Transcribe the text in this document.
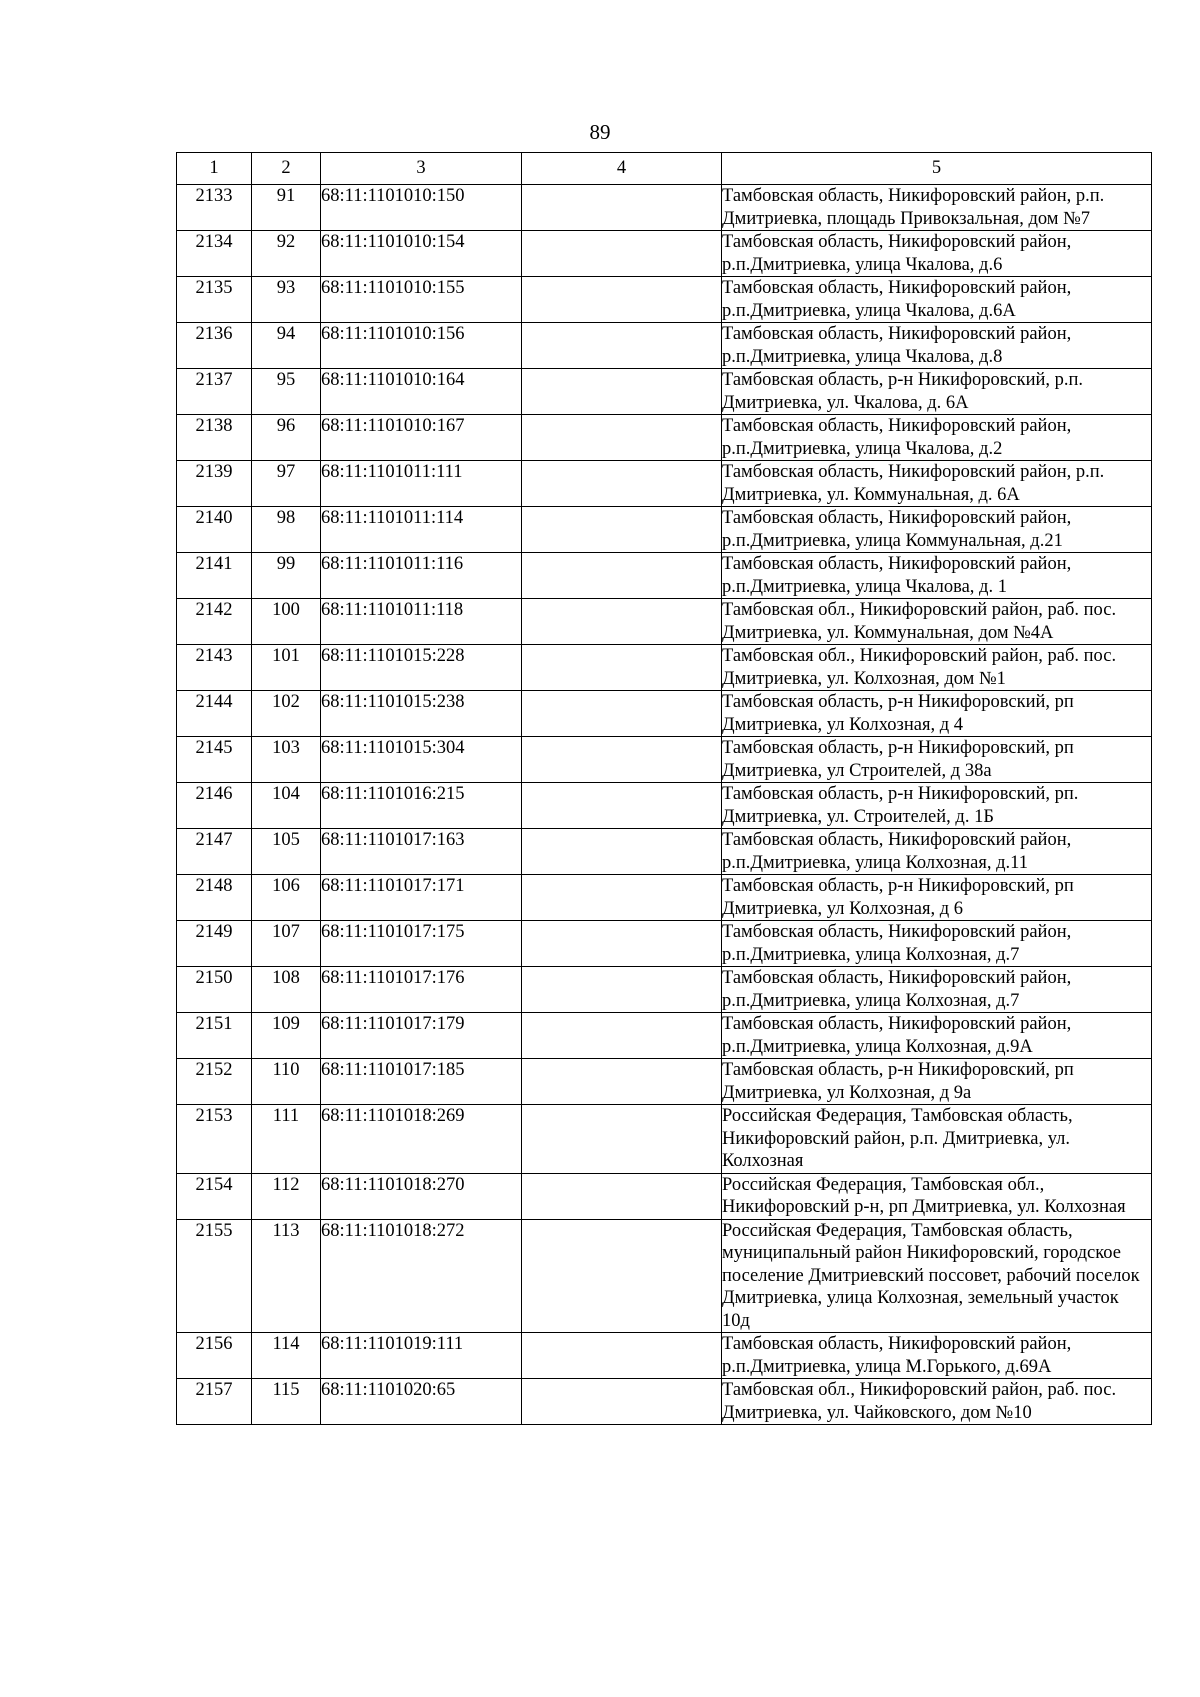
89
1	2	3	4	5
2133	91	68:11:1101010:150		Тамбовская область, Никифоровский район, р.п. Дмитриевка, площадь Привокзальная, дом №7
2134	92	68:11:1101010:154		Тамбовская область, Никифоровский район, р.п.Дмитриевка, улица Чкалова, д.6
2135	93	68:11:1101010:155		Тамбовская область, Никифоровский район, р.п.Дмитриевка, улица Чкалова, д.6А
2136	94	68:11:1101010:156		Тамбовская область, Никифоровский район, р.п.Дмитриевка, улица Чкалова, д.8
2137	95	68:11:1101010:164		Тамбовская область, р-н Никифоровский, р.п. Дмитриевка, ул. Чкалова, д. 6А
2138	96	68:11:1101010:167		Тамбовская область, Никифоровский район, р.п.Дмитриевка, улица Чкалова, д.2
2139	97	68:11:1101011:111		Тамбовская область, Никифоровский район, р.п. Дмитриевка, ул. Коммунальная, д. 6А
2140	98	68:11:1101011:114		Тамбовская область, Никифоровский район, р.п.Дмитриевка, улица Коммунальная, д.21
2141	99	68:11:1101011:116		Тамбовская область, Никифоровский район, р.п.Дмитриевка, улица Чкалова, д. 1
2142	100	68:11:1101011:118		Тамбовская обл., Никифоровский район, раб. пос. Дмитриевка, ул. Коммунальная, дом №4А
2143	101	68:11:1101015:228		Тамбовская обл., Никифоровский район, раб. пос. Дмитриевка, ул. Колхозная, дом №1
2144	102	68:11:1101015:238		Тамбовская область, р-н Никифоровский, рп Дмитриевка, ул Колхозная, д 4
2145	103	68:11:1101015:304		Тамбовская область, р-н Никифоровский, рп Дмитриевка, ул Строителей, д 38а
2146	104	68:11:1101016:215		Тамбовская область, р-н Никифоровский, рп. Дмитриевка, ул. Строителей, д. 1Б
2147	105	68:11:1101017:163		Тамбовская область, Никифоровский район, р.п.Дмитриевка, улица Колхозная, д.11
2148	106	68:11:1101017:171		Тамбовская область, р-н Никифоровский, рп Дмитриевка, ул Колхозная, д 6
2149	107	68:11:1101017:175		Тамбовская область, Никифоровский район, р.п.Дмитриевка, улица Колхозная, д.7
2150	108	68:11:1101017:176		Тамбовская область, Никифоровский район, р.п.Дмитриевка, улица Колхозная, д.7
2151	109	68:11:1101017:179		Тамбовская область, Никифоровский район, р.п.Дмитриевка, улица Колхозная, д.9А
2152	110	68:11:1101017:185		Тамбовская область, р-н Никифоровский, рп Дмитриевка, ул Колхозная, д 9а
2153	111	68:11:1101018:269		Российская Федерация, Тамбовская область, Никифоровский район, р.п. Дмитриевка, ул. Колхозная
2154	112	68:11:1101018:270		Российская Федерация, Тамбовская обл., Никифоровский р-н, рп Дмитриевка, ул. Колхозная
2155	113	68:11:1101018:272		Российская Федерация, Тамбовская область, муниципальный район Никифоровский, городское поселение Дмитриевский поссовет, рабочий поселок Дмитриевка, улица Колхозная, земельный участок 10д
2156	114	68:11:1101019:111		Тамбовская область, Никифоровский район, р.п.Дмитриевка, улица М.Горького, д.69А
2157	115	68:11:1101020:65		Тамбовская обл., Никифоровский район, раб. пос. Дмитриевка, ул. Чайковского, дом №10
